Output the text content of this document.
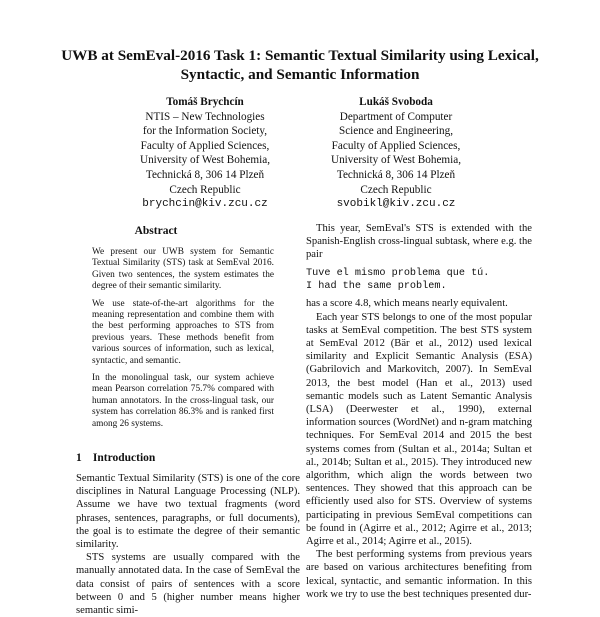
UWB at SemEval-2016 Task 1: Semantic Textual Similarity using Lexical,
Syntactic, and Semantic Information
Tomáš Brychcín
NTIS – New Technologies
for the Information Society,
Faculty of Applied Sciences,
University of West Bohemia,
Technická 8, 306 14 Plzeň
Czech Republic
brychcin@kiv.zcu.cz
Lukáš Svoboda
Department of Computer
Science and Engineering,
Faculty of Applied Sciences,
University of West Bohemia,
Technická 8, 306 14 Plzeň
Czech Republic
svobikl@kiv.zcu.cz
Abstract

We present our UWB system for Semantic Textual Similarity (STS) task at SemEval 2016. Given two sentences, the system estimates the degree of their semantic similarity.

We use state-of-the-art algorithms for the meaning representation and combine them with the best performing approaches to STS from previous years. These methods benefit from various sources of information, such as lexical, syntactic, and semantic.

In the monolingual task, our system achieve mean Pearson correlation 75.7% compared with human annotators. In the cross-lingual task, our system has correlation 86.3% and is ranked first among 26 systems.

1 Introduction

Semantic Textual Similarity (STS) is one of the core disciplines in Natural Language Processing (NLP). Assume we have two textual fragments (word phrases, sentences, paragraphs, or full documents), the goal is to estimate the degree of their semantic similarity.

STS systems are usually compared with the manually annotated data. In the case of SemEval the data consist of pairs of sentences with a score between 0 and 5 (higher number means higher semantic simi-

This year, SemEval's STS is extended with the Spanish-English cross-lingual subtask, where e.g. the pair

Tuve el mismo problema que tú.
I had the same problem.

has a score 4.8, which means nearly equivalent.

Each year STS belongs to one of the most popular tasks at SemEval competition. The best STS system at SemEval 2012 (Bär et al., 2012) used lexical similarity and Explicit Semantic Analysis (ESA) (Gabrilovich and Markovitch, 2007). In SemEval 2013, the best model (Han et al., 2013) used semantic models such as Latent Semantic Analysis (LSA) (Deerwester et al., 1990), external information sources (WordNet) and n-gram matching techniques. For SemEval 2014 and 2015 the best systems comes from (Sultan et al., 2014a; Sultan et al., 2014b; Sultan et al., 2015). They introduced new algorithm, which align the words between two sentences. They showed that this approach can be efficiently used also for STS. Overview of systems participating in previous SemEval competitions can be found in (Agirre et al., 2012; Agirre et al., 2013; Agirre et al., 2014; Agirre et al., 2015).

The best performing systems from previous years are based on various architectures benefiting from lexical, syntactic, and semantic information. In this work we try to use the best techniques presented dur-
